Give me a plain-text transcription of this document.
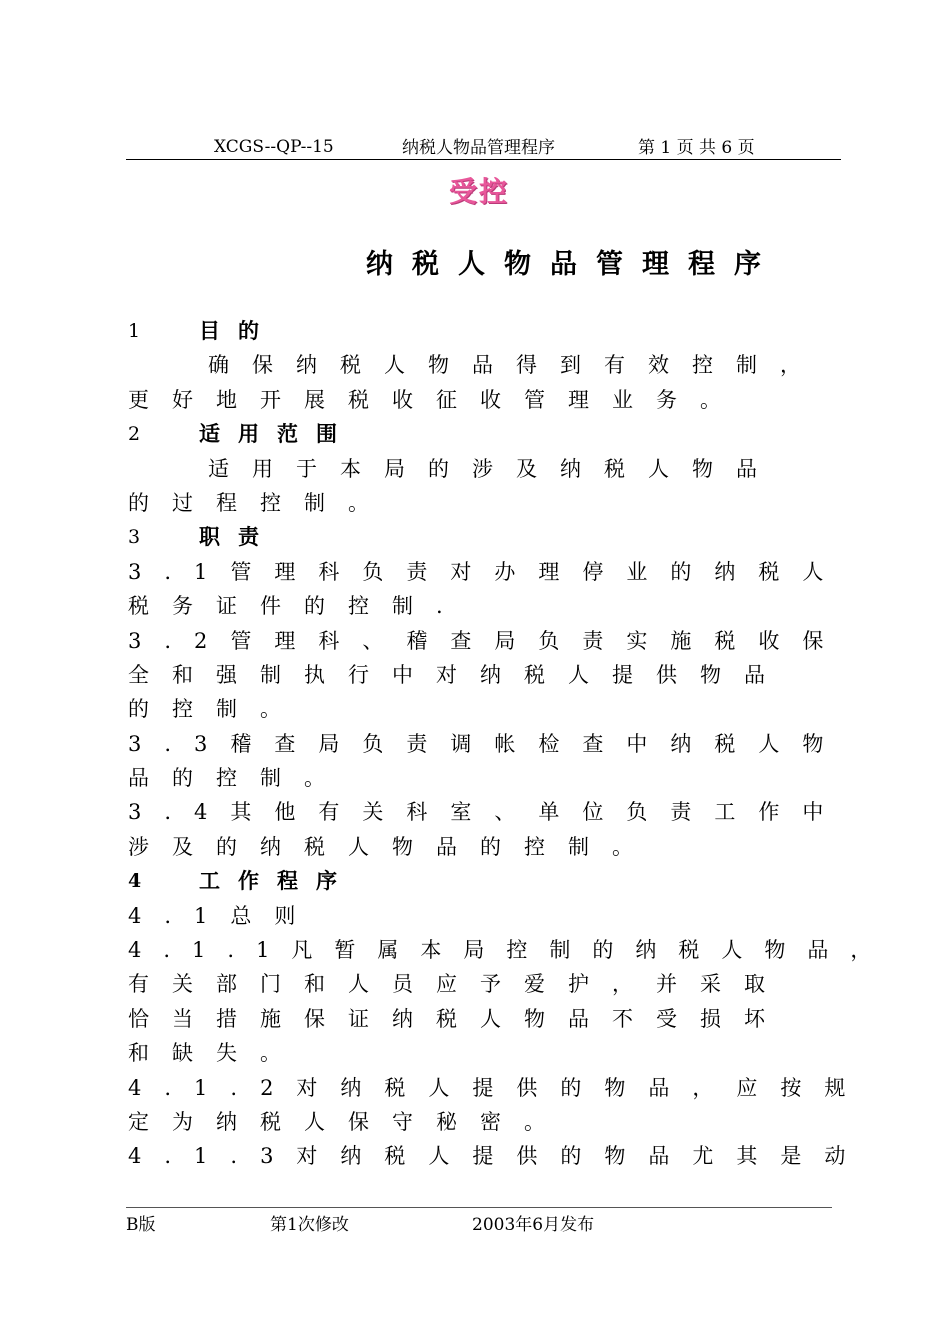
XCGS--QP--15	纳税人物品管理程序	第 1 页 共 6 页
受控
纳税人物品管理程序
1	目的
确保纳税人物品得到有效控制，
更好地开展税收征收管理业务。
2	适用范围
适用于本局的涉及纳税人物品
的过程控制。
3	职责
3.1管理科负责对办理停业的纳税人
税务证件的控制.
3.2管理科、稽查局负责实施税收保
全和强制执行中对纳税人提供物品
的控制。
3.3稽查局负责调帐检查中纳税人物
品的控制。
3.4其他有关科室、单位负责工作中
涉及的纳税人物品的控制。
4	工作程序
4.1总则
4.1.1凡暂属本局控制的纳税人物品，
有关部门和人员应予爱护，并采取
恰当措施保证纳税人物品不受损坏
和缺失。
4.1.2对纳税人提供的物品，应按规
定为纳税人保守秘密。
4.1.3对纳税人提供的物品尤其是动
B版	第1次修改	2003年6月发布
